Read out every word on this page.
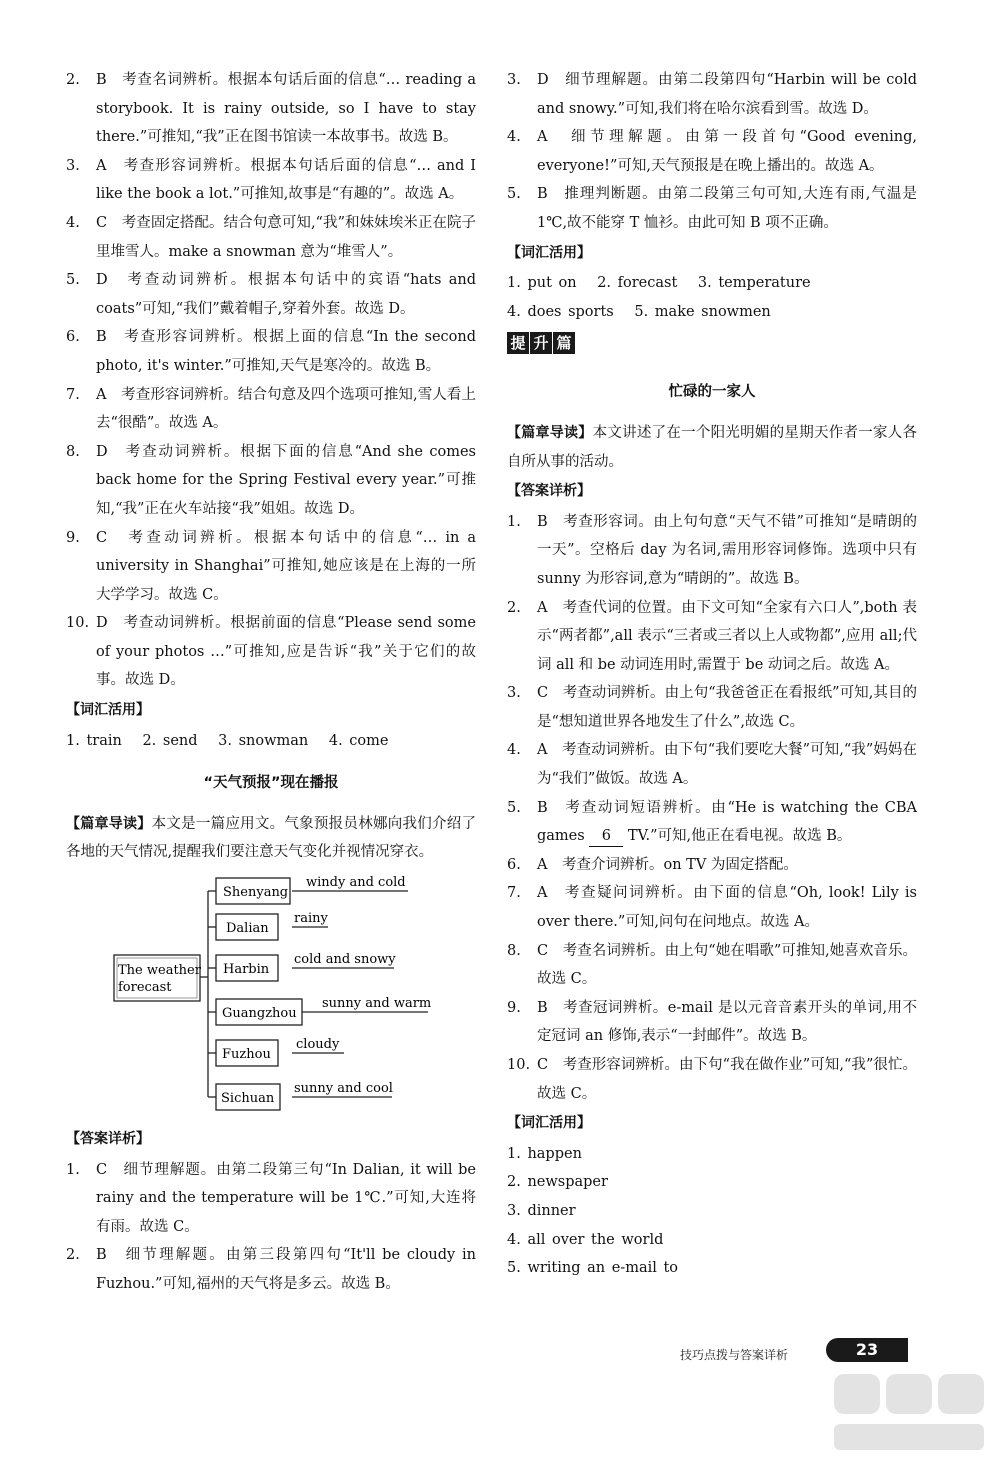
2. B　考查名词辨析。根据本句话后面的信息“… reading a storybook. It is rainy outside, so I have to stay there.”可推知,“我”正在图书馆读一本故事书。故选 B。

3. A　考查形容词辨析。根据本句话后面的信息“… and I like the book a lot.”可推知,故事是“有趣的”。故选 A。

4. C　考查固定搭配。结合句意可知,“我”和妹妹埃米正在院子里堆雪人。make a snowman 意为“堆雪人”。

5. D　考查动词辨析。根据本句话中的宾语“hats and coats”可知,“我们”戴着帽子,穿着外套。故选 D。

6. B　考查形容词辨析。根据上面的信息“In the second photo, it's winter.”可推知,天气是寒冷的。故选 B。

7. A　考查形容词辨析。结合句意及四个选项可推知,雪人看上去“很酷”。故选 A。

8. D　考查动词辨析。根据下面的信息“And she comes back home for the Spring Festival every year.”可推知,“我”正在火车站接“我”姐姐。故选 D。

9. C　考查动词辨析。根据本句话中的信息“… in a university in Shanghai”可推知,她应该是在上海的一所大学学习。故选 C。

10. D　考查动词辨析。根据前面的信息“Please send some of your photos …”可推知,应是告诉“我”关于它们的故事。故选 D。

【词汇活用】

1. train 2. send 3. snowman 4. come

“天气预报”现在播报

【篇章导读】本文是一篇应用文。气象预报员林娜向我们介绍了各地的天气情况,提醒我们要注意天气变化并视情况穿衣。

The weather
forecast
Shenyang
windy and cold
Dalian
rainy
Harbin
cold and snowy
Guangzhou
sunny and warm
Fuzhou
cloudy
Sichuan
sunny and cool
【答案详析】
1. C　细节理解题。由第二段第三句“In Dalian, it will be rainy and the temperature will be 1℃.”可知,大连将有雨。故选 C。

2. B　细节理解题。由第三段第四句“It'll be cloudy in Fuzhou.”可知,福州的天气将是多云。故选 B。

3. D　细节理解题。由第二段第四句“Harbin will be cold and snowy.”可知,我们将在哈尔滨看到雪。故选 D。

4. A　细节理解题。由第一段首句“Good evening, everyone!”可知,天气预报是在晚上播出的。故选 A。

5. B　推理判断题。由第二段第三句可知,大连有雨,气温是 1℃,故不能穿 T 恤衫。由此可知 B 项不正确。

【词汇活用】

1. put on 2. forecast 3. temperature

4. does sports 5. make snowmen

提 升 篇
忙碌的一家人

【篇章导读】本文讲述了在一个阳光明媚的星期天作者一家人各自所从事的活动。

【答案详析】
1. B　考查形容词。由上句句意“天气不错”可推知“是晴朗的一天”。空格后 day 为名词,需用形容词修饰。选项中只有 sunny 为形容词,意为“晴朗的”。故选 B。

2. A　考查代词的位置。由下文可知“全家有六口人”,both 表示“两者都”,all 表示“三者或三者以上人或物都”,应用 all;代词 all 和 be 动词连用时,需置于 be 动词之后。故选 A。

3. C　考查动词辨析。由上句“我爸爸正在看报纸”可知,其目的是“想知道世界各地发生了什么”,故选 C。

4. A　考查动词辨析。由下句“我们要吃大餐”可知,“我”妈妈在为“我们”做饭。故选 A。

5. B　考查动词短语辨析。由“He is watching the CBA games 6 TV.”可知,他正在看电视。故选 B。

6. A　考查介词辨析。on TV 为固定搭配。

7. A　考查疑问词辨析。由下面的信息“Oh, look! Lily is over there.”可知,问句在问地点。故选 A。

8. C　考查名词辨析。由上句“她在唱歌”可推知,她喜欢音乐。故选 C。

9. B　考查冠词辨析。e-mail 是以元音音素开头的单词,用不定冠词 an 修饰,表示“一封邮件”。故选 B。

10. C　考查形容词辨析。由下句“我在做作业”可知,“我”很忙。故选 C。

【词汇活用】

1. happen

2. newspaper

3. dinner

4. all over the world

5. writing an e-mail to

技巧点拨与答案详析	23
